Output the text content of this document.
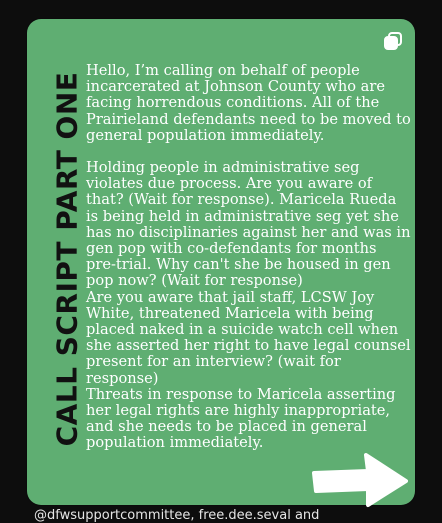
CALL SCRIPT PART ONE

Hello, I’m calling on behalf of people incarcerated at Johnson County who are facing horrendous conditions. All of the Prairieland defendants need to be moved to general population immediately.

Holding people in administrative seg violates due process. Are you aware of that? (Wait for response). Maricela Rueda is being held in administrative seg yet she has no disciplinaries against her and was in gen pop with co-defendants for months pre-trial. Why can't she be housed in gen pop now? (Wait for response)
Are you aware that jail staff, LCSW Joy White, threatened Maricela with being placed naked in a suicide watch cell when she asserted her right to have legal counsel present for an interview? (wait for response)
Threats in response to Maricela asserting her legal rights are highly inappropriate, and she needs to be placed in general population immediately.

@dfwsupportcommittee, free.dee.seval and
